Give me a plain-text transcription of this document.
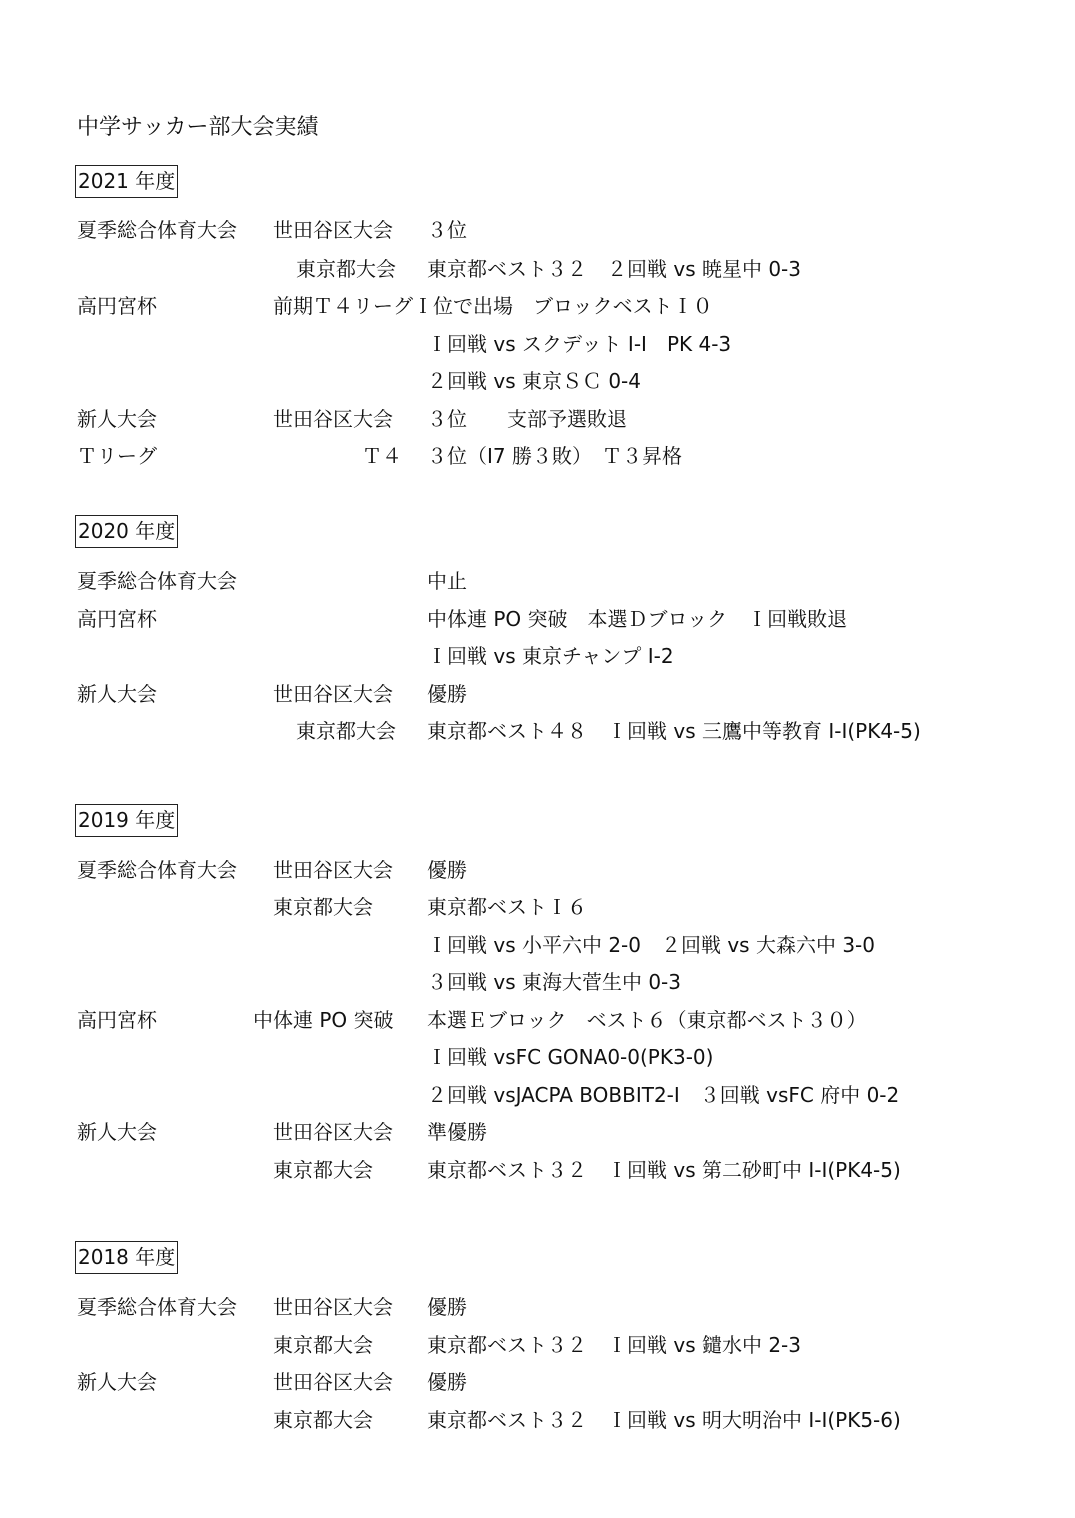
中学サッカー部大会実績
2021 年度
夏季総合体育大会 世田谷区大会 ３位
東京都大会 東京都ベスト３２　２回戦 vs 暁星中 0-3
高円宮杯	前期Ｔ４リーグＩ位で出場　ブロックベストＩ０
Ｉ回戦 vs スクデット I-I　PK 4-3
２回戦 vs 東京ＳＣ 0-4
新人大会	世田谷区大会 ３位　　支部予選敗退
Ｔリーグ	Ｔ４ ３位（I7 勝３敗）　Ｔ３昇格
2020 年度
夏季総合体育大会	中止
高円宮杯	中体連 PO 突破　本選Ｄブロック　Ｉ回戦敗退
Ｉ回戦 vs 東京チャンプ I-2
新人大会	世田谷区大会 優勝
東京都大会 東京都ベスト４８　Ｉ回戦 vs 三鷹中等教育 I-I(PK4-5)
2019 年度
夏季総合体育大会 世田谷区大会 優勝
東京都大会	東京都ベストＩ６
Ｉ回戦 vs 小平六中 2-0　２回戦 vs 大森六中 3-0
３回戦 vs 東海大菅生中 0-3
高円宮杯	中体連 PO 突破 本選Ｅブロック　ベスト６（東京都ベスト３０）
Ｉ回戦 vsFC GONA0-0(PK3-0)
２回戦 vsJACPA BOBBIT2-I　３回戦 vsFC 府中 0-2
新人大会	世田谷区大会 準優勝
東京都大会	東京都ベスト３２　Ｉ回戦 vs 第二砂町中 I-I(PK4-5)
2018 年度
夏季総合体育大会 世田谷区大会 優勝
東京都大会	東京都ベスト３２　Ｉ回戦 vs 鑓水中 2-3
新人大会	世田谷区大会 優勝
東京都大会	東京都ベスト３２　Ｉ回戦 vs 明大明治中 I-I(PK5-6)
